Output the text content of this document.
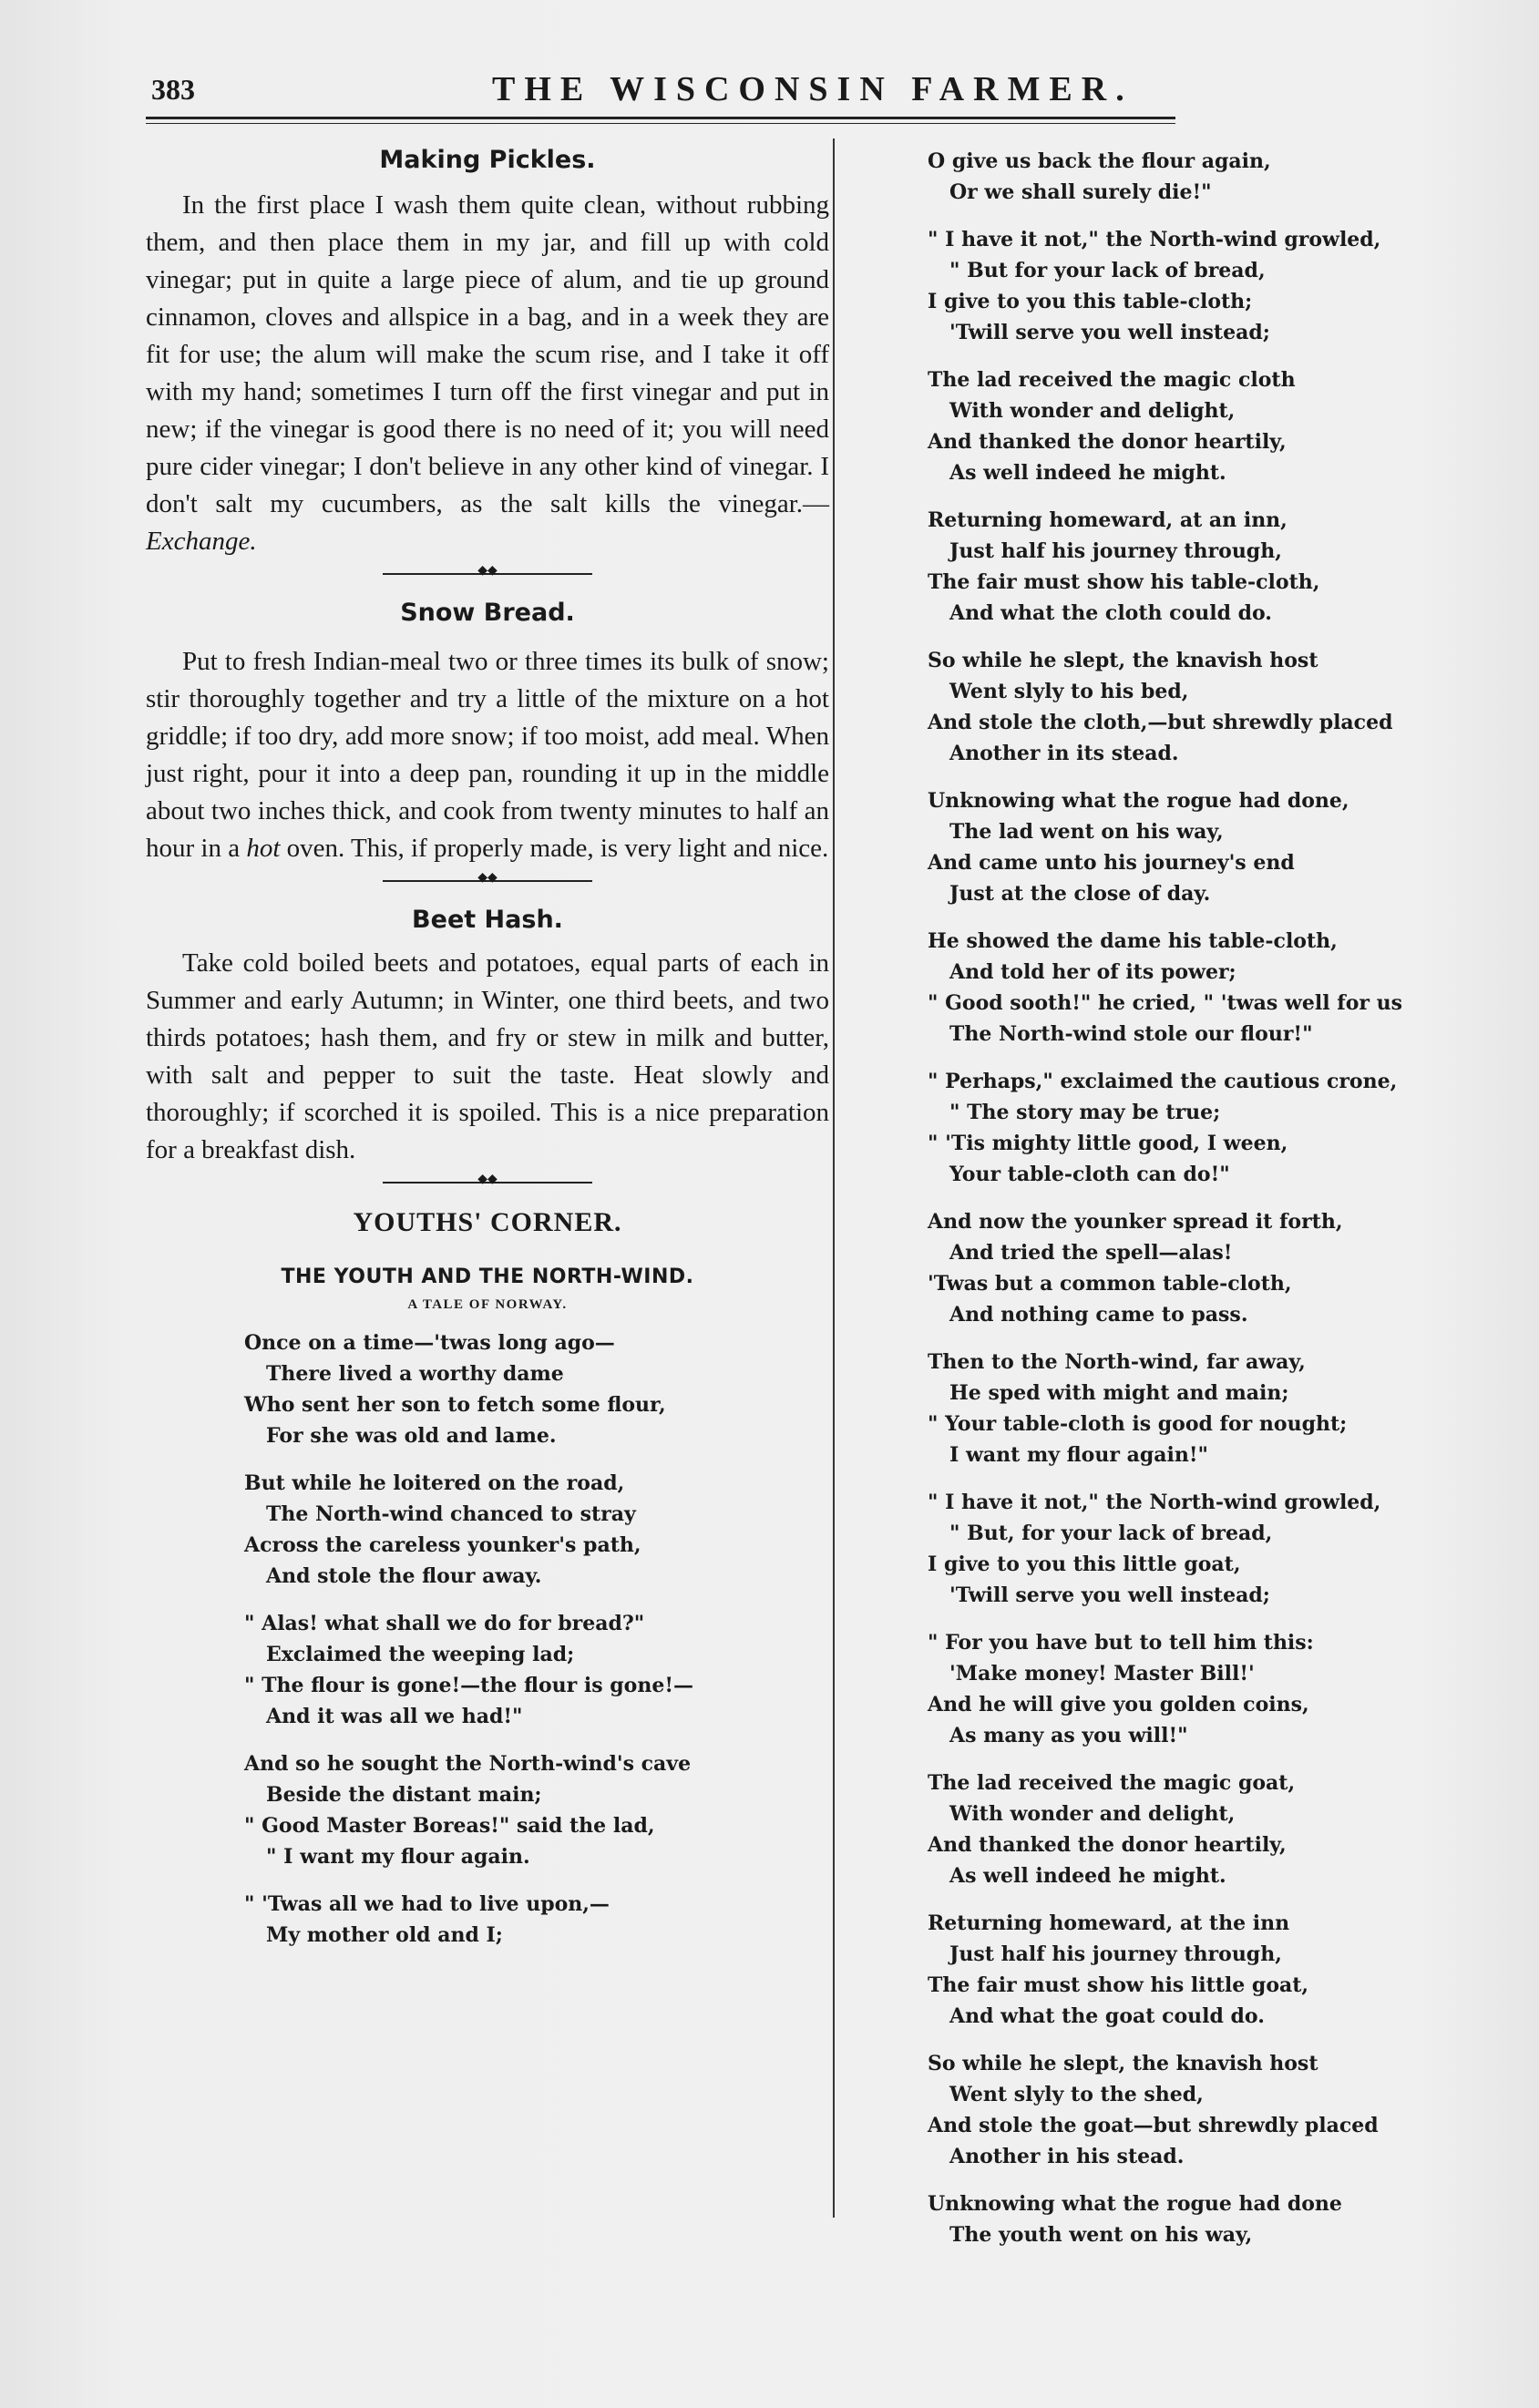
383	THE WISCONSIN FARMER.
Making Pickles.

In the first place I wash them quite clean, without rubbing them, and then place them in my jar, and fill up with cold vinegar; put in quite a large piece of alum, and tie up ground cinnamon, cloves and allspice in a bag, and in a week they are fit for use; the alum will make the scum rise, and I take it off with my hand; sometimes I turn off the first vinegar and put in new; if the vinegar is good there is no need of it; you will need pure cider vinegar; I don't believe in any other kind of vinegar. I don't salt my cucumbers, as the salt kills the vinegar.—Exchange.

◆◆
Snow Bread.

Put to fresh Indian-meal two or three times its bulk of snow; stir thoroughly together and try a little of the mixture on a hot griddle; if too dry, add more snow; if too moist, add meal. When just right, pour it into a deep pan, rounding it up in the middle about two inches thick, and cook from twenty minutes to half an hour in a hot oven. This, if properly made, is very light and nice.

◆◆
Beet Hash.

Take cold boiled beets and potatoes, equal parts of each in Summer and early Autumn; in Winter, one third beets, and two thirds potatoes; hash them, and fry or stew in milk and butter, with salt and pepper to suit the taste. Heat slowly and thoroughly; if scorched it is spoiled. This is a nice preparation for a breakfast dish.

◆◆
YOUTHS' CORNER.
THE YOUTH AND THE NORTH-WIND.
A TALE OF NORWAY.
Once on a time—'twas long ago—
There lived a worthy dame
Who sent her son to fetch some flour,
For she was old and lame.
But while he loitered on the road,
The North-wind chanced to stray
Across the careless younker's path,
And stole the flour away.
" Alas! what shall we do for bread?"
Exclaimed the weeping lad;
" The flour is gone!—the flour is gone!—
And it was all we had!"
And so he sought the North-wind's cave
Beside the distant main;
" Good Master Boreas!" said the lad,
" I want my flour again.
" 'Twas all we had to live upon,—
My mother old and I;
O give us back the flour again,
Or we shall surely die!"
" I have it not," the North-wind growled,
" But for your lack of bread,
I give to you this table-cloth;
'Twill serve you well instead;
The lad received the magic cloth
With wonder and delight,
And thanked the donor heartily,
As well indeed he might.
Returning homeward, at an inn,
Just half his journey through,
The fair must show his table-cloth,
And what the cloth could do.
So while he slept, the knavish host
Went slyly to his bed,
And stole the cloth,—but shrewdly placed
Another in its stead.
Unknowing what the rogue had done,
The lad went on his way,
And came unto his journey's end
Just at the close of day.
He showed the dame his table-cloth,
And told her of its power;
" Good sooth!" he cried, " 'twas well for us
The North-wind stole our flour!"
" Perhaps," exclaimed the cautious crone,
" The story may be true;
" 'Tis mighty little good, I ween,
Your table-cloth can do!"
And now the younker spread it forth,
And tried the spell—alas!
'Twas but a common table-cloth,
And nothing came to pass.
Then to the North-wind, far away,
He sped with might and main;
" Your table-cloth is good for nought;
I want my flour again!"
" I have it not," the North-wind growled,
" But, for your lack of bread,
I give to you this little goat,
'Twill serve you well instead;
" For you have but to tell him this:
'Make money! Master Bill!'
And he will give you golden coins,
As many as you will!"
The lad received the magic goat,
With wonder and delight,
And thanked the donor heartily,
As well indeed he might.
Returning homeward, at the inn
Just half his journey through,
The fair must show his little goat,
And what the goat could do.
So while he slept, the knavish host
Went slyly to the shed,
And stole the goat—but shrewdly placed
Another in his stead.
Unknowing what the rogue had done
The youth went on his way,
